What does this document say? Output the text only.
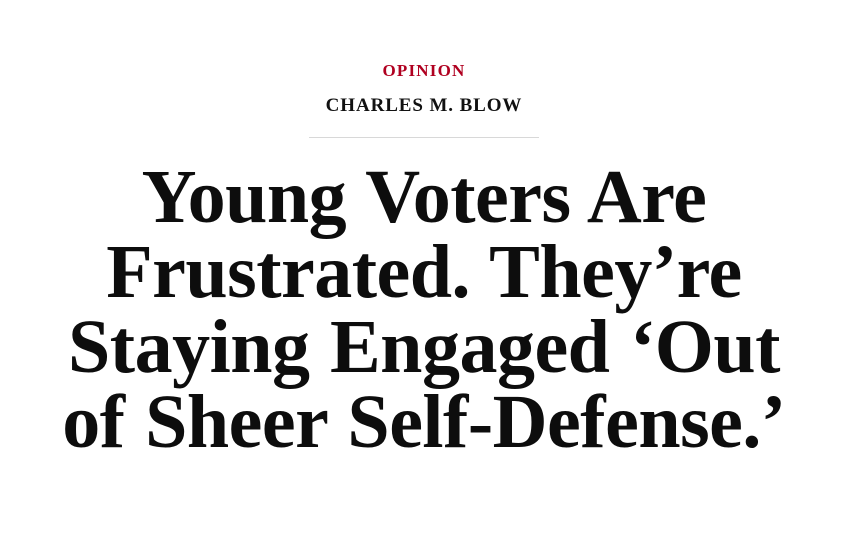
OPINION
CHARLES M. BLOW
Young Voters Are Frustrated. They’re Staying Engaged ‘Out of Sheer Self-Defense.’
